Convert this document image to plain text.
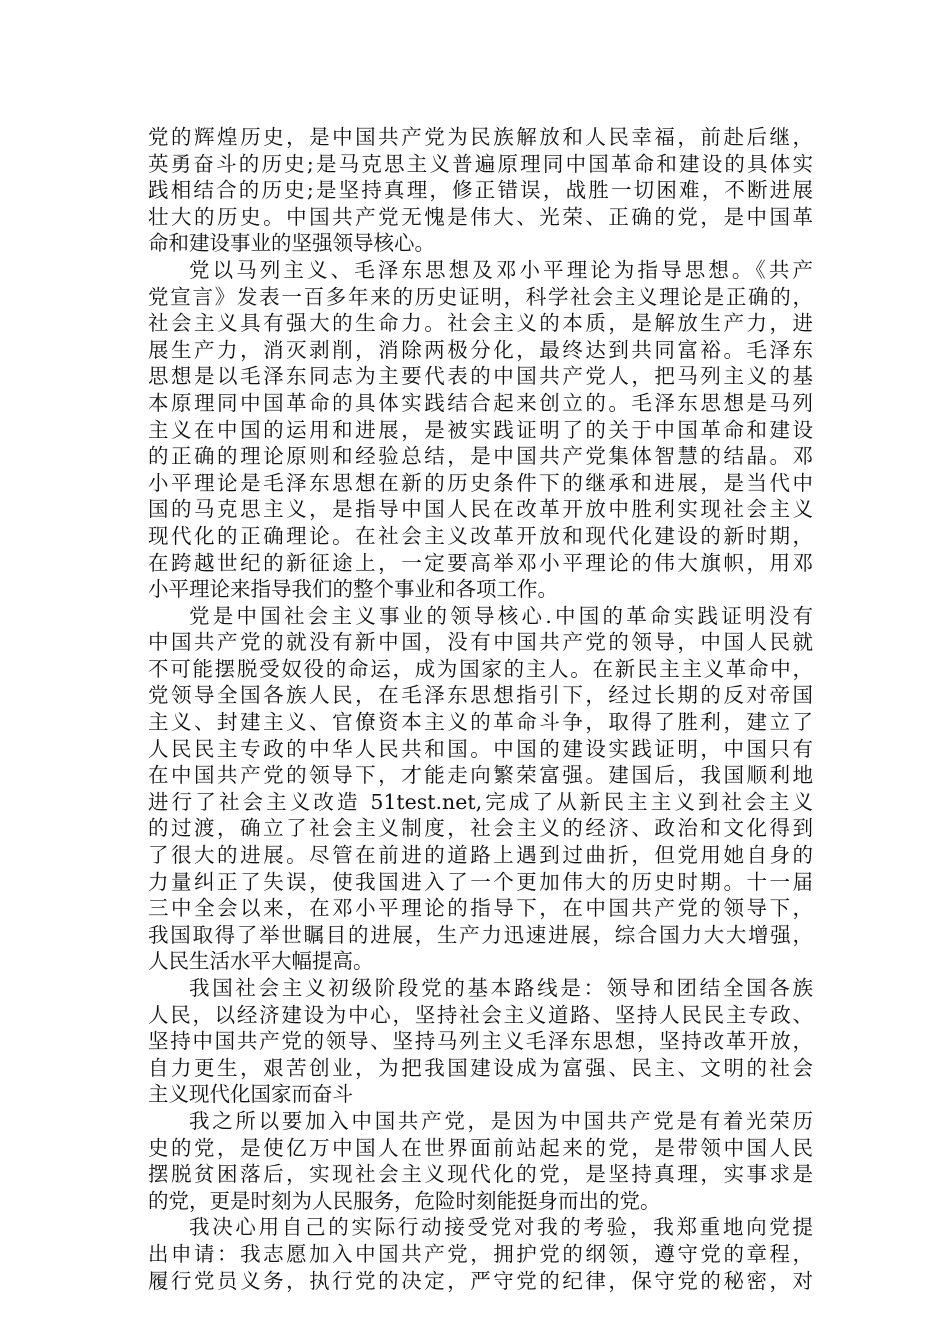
党的辉煌历史，是中国共产党为民族解放和人民幸福，前赴后继，
英勇奋斗的历史;是马克思主义普遍原理同中国革命和建设的具体实
践相结合的历史;是坚持真理，修正错误，战胜一切困难，不断进展
壮大的历史。中国共产党无愧是伟大、光荣、正确的党，是中国革
命和建设事业的坚强领导核心。
党以马列主义、毛泽东思想及邓小平理论为指导思想。《共产
党宣言》发表一百多年来的历史证明，科学社会主义理论是正确的，
社会主义具有强大的生命力。社会主义的本质，是解放生产力，进
展生产力，消灭剥削，消除两极分化，最终达到共同富裕。毛泽东
思想是以毛泽东同志为主要代表的中国共产党人，把马列主义的基
本原理同中国革命的具体实践结合起来创立的。毛泽东思想是马列
主义在中国的运用和进展，是被实践证明了的关于中国革命和建设
的正确的理论原则和经验总结，是中国共产党集体智慧的结晶。邓
小平理论是毛泽东思想在新的历史条件下的继承和进展，是当代中
国的马克思主义，是指导中国人民在改革开放中胜利实现社会主义
现代化的正确理论。在社会主义改革开放和现代化建设的新时期，
在跨越世纪的新征途上，一定要高举邓小平理论的伟大旗帜，用邓
小平理论来指导我们的整个事业和各项工作。
党是中国社会主义事业的领导核心.中国的革命实践证明没有
中国共产党的就没有新中国，没有中国共产党的领导，中国人民就
不可能摆脱受奴役的命运，成为国家的主人。在新民主主义革命中，
党领导全国各族人民，在毛泽东思想指引下，经过长期的反对帝国
主义、封建主义、官僚资本主义的革命斗争，取得了胜利，建立了
人民民主专政的中华人民共和国。中国的建设实践证明，中国只有
在中国共产党的领导下，才能走向繁荣富强。建国后，我国顺利地
进行了社会主义改造 51test.net,完成了从新民主主义到社会主义
的过渡，确立了社会主义制度，社会主义的经济、政治和文化得到
了很大的进展。尽管在前进的道路上遇到过曲折，但党用她自身的
力量纠正了失误，使我国进入了一个更加伟大的历史时期。十一届
三中全会以来，在邓小平理论的指导下，在中国共产党的领导下，
我国取得了举世瞩目的进展，生产力迅速进展，综合国力大大增强，
人民生活水平大幅提高。
我国社会主义初级阶段党的基本路线是：领导和团结全国各族
人民，以经济建设为中心，坚持社会主义道路、坚持人民民主专政、
坚持中国共产党的领导、坚持马列主义毛泽东思想，坚持改革开放，
自力更生，艰苦创业，为把我国建设成为富强、民主、文明的社会
主义现代化国家而奋斗
我之所以要加入中国共产党，是因为中国共产党是有着光荣历
史的党，是使亿万中国人在世界面前站起来的党，是带领中国人民
摆脱贫困落后，实现社会主义现代化的党，是坚持真理，实事求是
的党，更是时刻为人民服务，危险时刻能挺身而出的党。
我决心用自己的实际行动接受党对我的考验，我郑重地向党提
出申请：我志愿加入中国共产党，拥护党的纲领，遵守党的章程，
履行党员义务，执行党的决定，严守党的纪律，保守党的秘密，对
